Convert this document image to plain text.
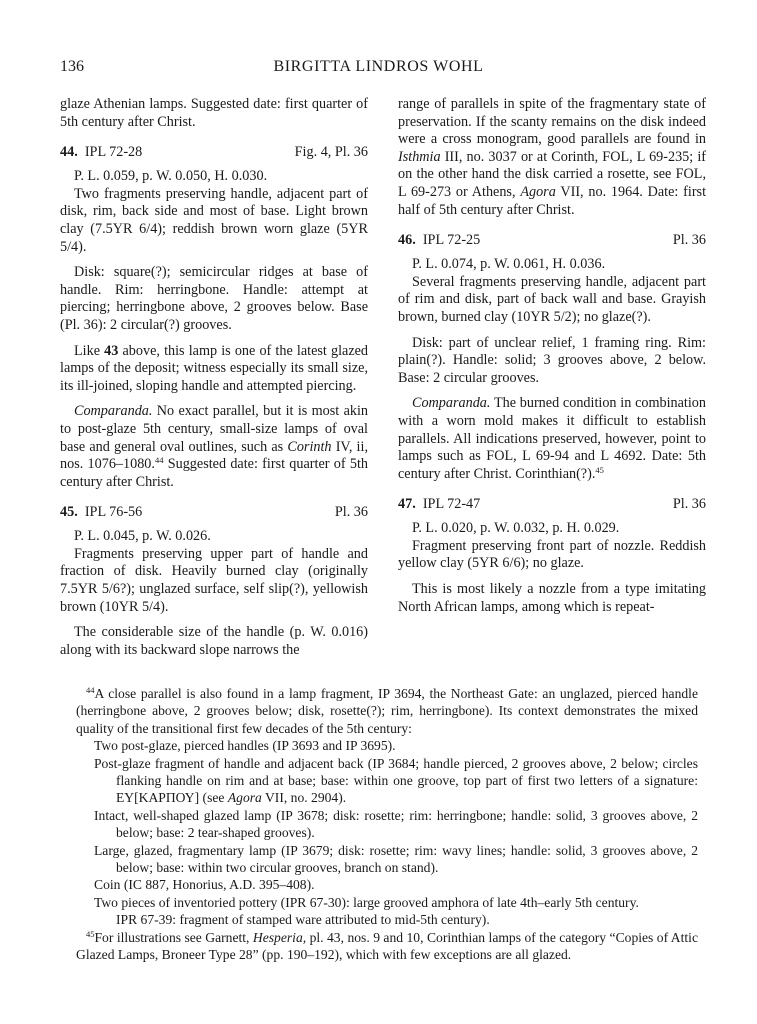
136	BIRGITTA LINDROS WOHL

glaze Athenian lamps. Suggested date: first quarter of 5th century after Christ.

44. IPL 72-28	Fig. 4, Pl. 36

P. L. 0.059, p. W. 0.050, H. 0.030.

Two fragments preserving handle, adjacent part of disk, rim, back side and most of base. Light brown clay (7.5YR 6/4); reddish brown worn glaze (5YR 5/4).

Disk: square(?); semicircular ridges at base of handle. Rim: herringbone. Handle: attempt at piercing; herringbone above, 2 grooves below. Base (Pl. 36): 2 circular(?) grooves.

Like 43 above, this lamp is one of the latest glazed lamps of the deposit; witness especially its small size, its ill-joined, sloping handle and attempted piercing.

Comparanda. No exact parallel, but it is most akin to post-glaze 5th century, small-size lamps of oval base and general oval outlines, such as Corinth IV, ii, nos. 1076–1080.44 Suggested date: first quarter of 5th century after Christ.

45. IPL 76-56	Pl. 36

P. L. 0.045, p. W. 0.026.

Fragments preserving upper part of handle and fraction of disk. Heavily burned clay (originally 7.5YR 5/6?); unglazed surface, self slip(?), yellowish brown (10YR 5/4).

The considerable size of the handle (p. W. 0.016) along with its backward slope narrows the

range of parallels in spite of the fragmentary state of preservation. If the scanty remains on the disk indeed were a cross monogram, good parallels are found in Isthmia III, no. 3037 or at Corinth, FOL, L 69-235; if on the other hand the disk carried a rosette, see FOL, L 69-273 or Athens, Agora VII, no. 1964. Date: first half of 5th century after Christ.

46. IPL 72-25	Pl. 36

P. L. 0.074, p. W. 0.061, H. 0.036.

Several fragments preserving handle, adjacent part of rim and disk, part of back wall and base. Grayish brown, burned clay (10YR 5/2); no glaze(?).

Disk: part of unclear relief, 1 framing ring. Rim: plain(?). Handle: solid; 3 grooves above, 2 below. Base: 2 circular grooves.

Comparanda. The burned condition in combination with a worn mold makes it difficult to establish parallels. All indications preserved, however, point to lamps such as FOL, L 69-94 and L 4692. Date: 5th century after Christ. Corinthian(?).$^{45}$

47. IPL 72-47	Pl. 36

P. L. 0.020, p. W. 0.032, p. H. 0.029.

Fragment preserving front part of nozzle. Reddish yellow clay (5YR 6/6); no glaze.

This is most likely a nozzle from a type imitating North African lamps, among which is repeat-

$^{44}$A close parallel is also found in a lamp fragment, IP 3694, the Northeast Gate: an unglazed, pierced handle (herringbone above, 2 grooves below; disk, rosette(?); rim, herringbone). Its context demonstrates the mixed quality of the transitional first few decades of the 5th century:

Two post-glaze, pierced handles (IP 3693 and IP 3695).

Post-glaze fragment of handle and adjacent back (IP 3684; handle pierced, 2 grooves above, 2 below; circles flanking handle on rim and at base; base: within one groove, top part of first two letters of a signature: ΕΥ[ΚΑΡΠΟΥ] (see Agora VII, no. 2904).

Intact, well-shaped glazed lamp (IP 3678; disk: rosette; rim: herringbone; handle: solid, 3 grooves above, 2 below; base: 2 tear-shaped grooves).

Large, glazed, fragmentary lamp (IP 3679; disk: rosette; rim: wavy lines; handle: solid, 3 grooves above, 2 below; base: within two circular grooves, branch on stand).

Coin (IC 887, Honorius, A.D. 395–408).

Two pieces of inventoried pottery (IPR 67-30): large grooved amphora of late 4th–early 5th century.

IPR 67-39: fragment of stamped ware attributed to mid-5th century).

$^{45}$For illustrations see Garnett, Hesperia, pl. 43, nos. 9 and 10, Corinthian lamps of the category “Copies of Attic Glazed Lamps, Broneer Type 28” (pp. 190–192), which with few exceptions are all glazed.
